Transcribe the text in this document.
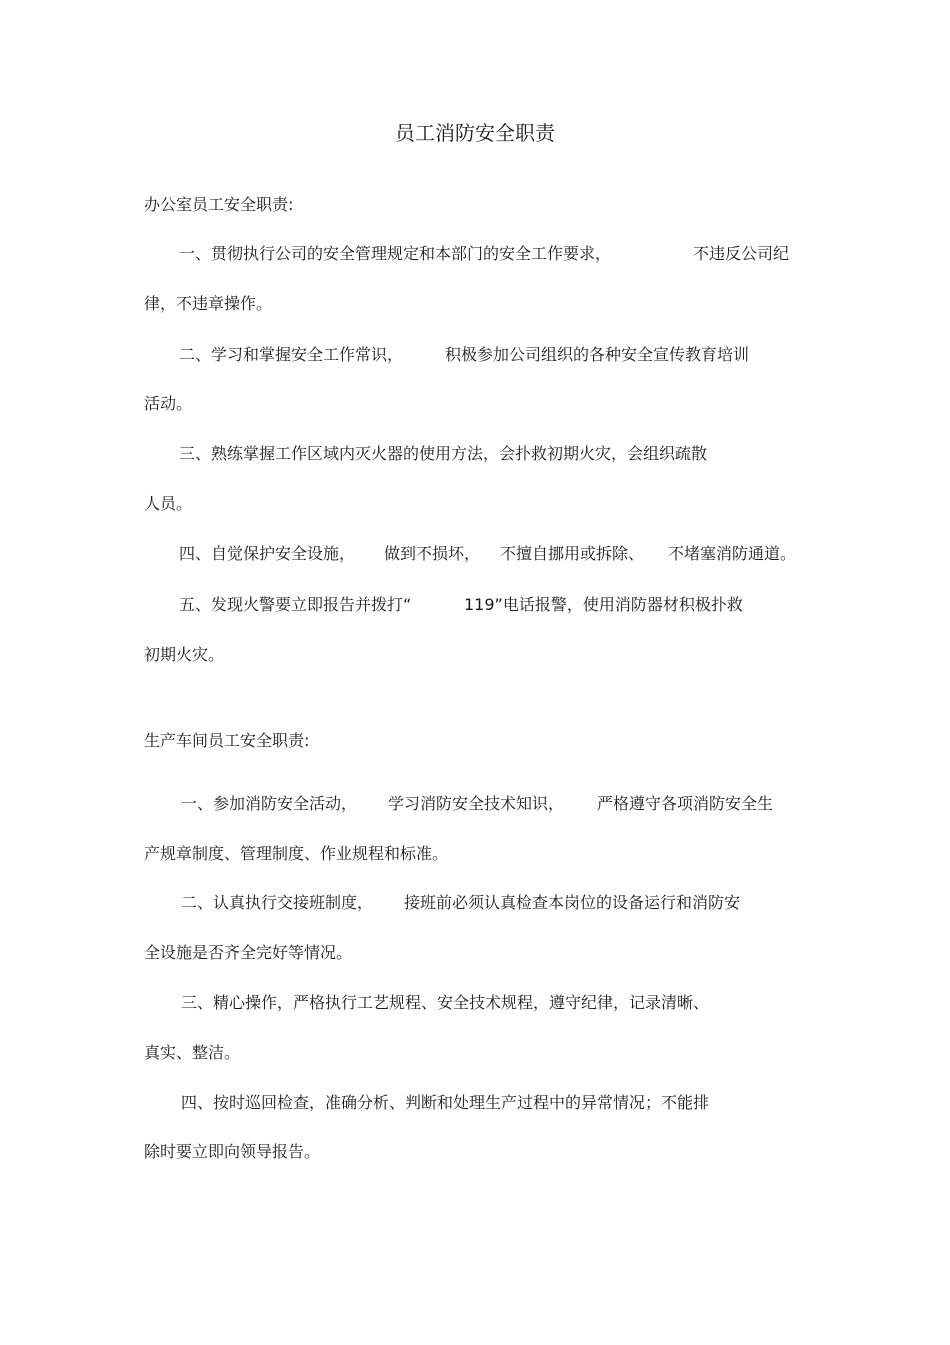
员工消防安全职责
办公室员工安全职责:
一、贯彻执行公司的安全管理规定和本部门的安全工作要求，	不违反公司纪
律，不违章操作。
二、学习和掌握安全工作常识，	积极参加公司组织的各种安全宣传教育培训
活动。
三、熟练掌握工作区域内灭火器的使用方法，会扑救初期火灾，会组织疏散
人员。
四、自觉保护安全设施， 做到不损坏， 不擅自挪用或拆除、 不堵塞消防通道。
五、发现火警要立即报告并拨打“	119”电话报警，使用消防器材积极扑救
初期火灾。
生产车间员工安全职责:
一、参加消防安全活动， 学习消防安全技术知识， 严格遵守各项消防安全生
产规章制度、管理制度、作业规程和标准。
二、认真执行交接班制度， 接班前必须认真检查本岗位的设备运行和消防安
全设施是否齐全完好等情况。
三、精心操作，严格执行工艺规程、安全技术规程，遵守纪律，记录清晰、
真实、整洁。
四、按时巡回检查，准确分析、判断和处理生产过程中的异常情况；不能排
除时要立即向领导报告。
